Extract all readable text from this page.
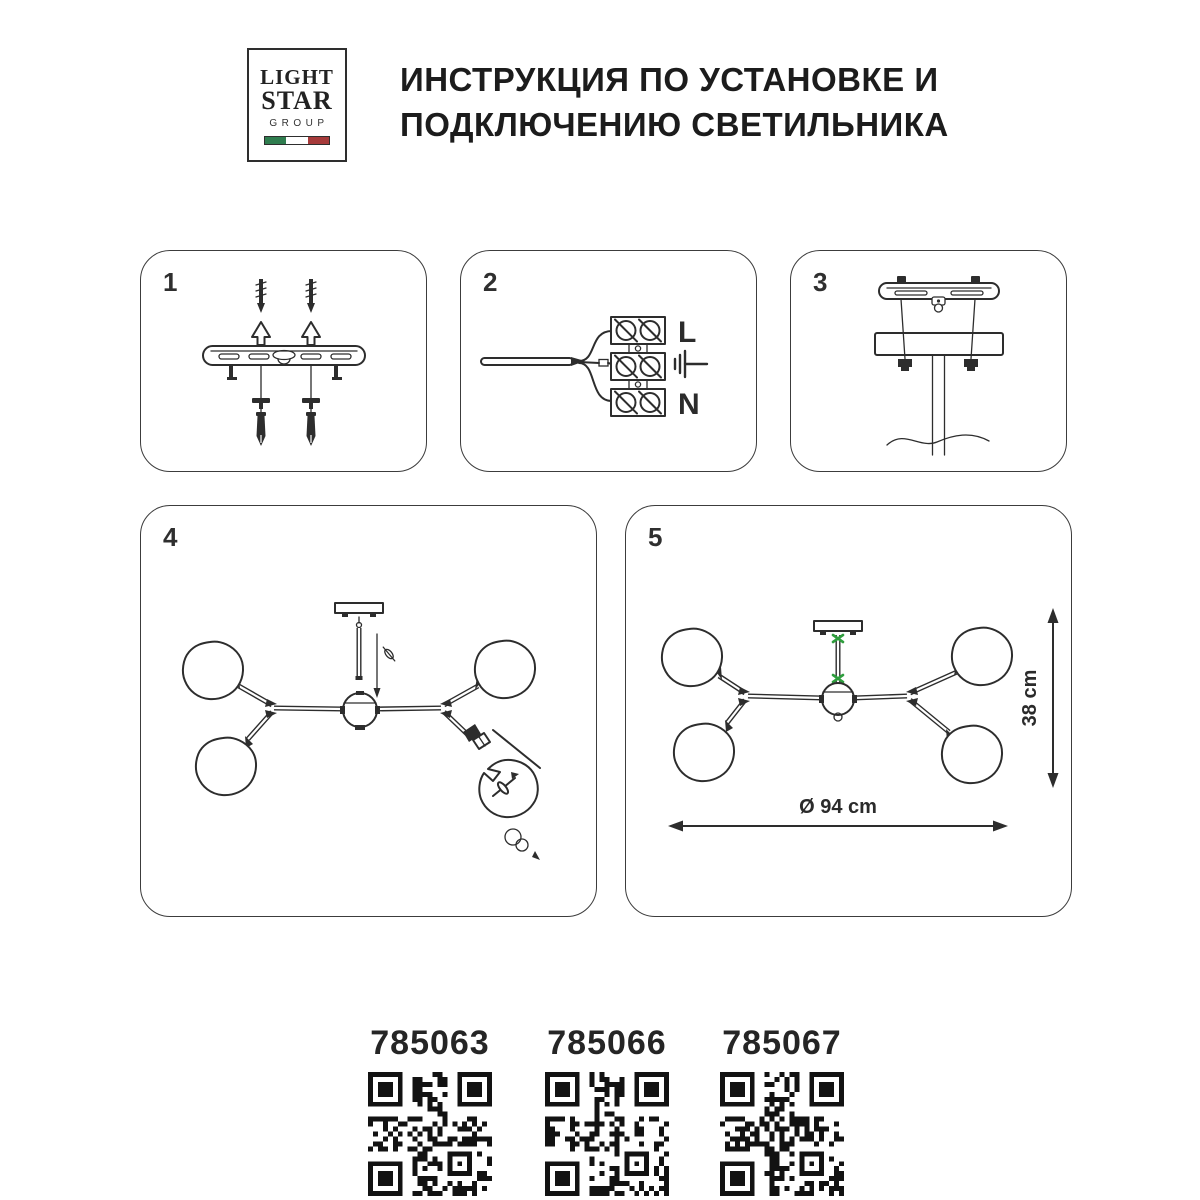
LIGHT
STAR
GROUP
ИНСТРУКЦИЯ ПО УСТАНОВКЕ И
ПОДКЛЮЧЕНИЮ СВЕТИЛЬНИКА
1	2
L
N
3
4	5
38 cm
Ø 94 cm
785063 785066 785067
